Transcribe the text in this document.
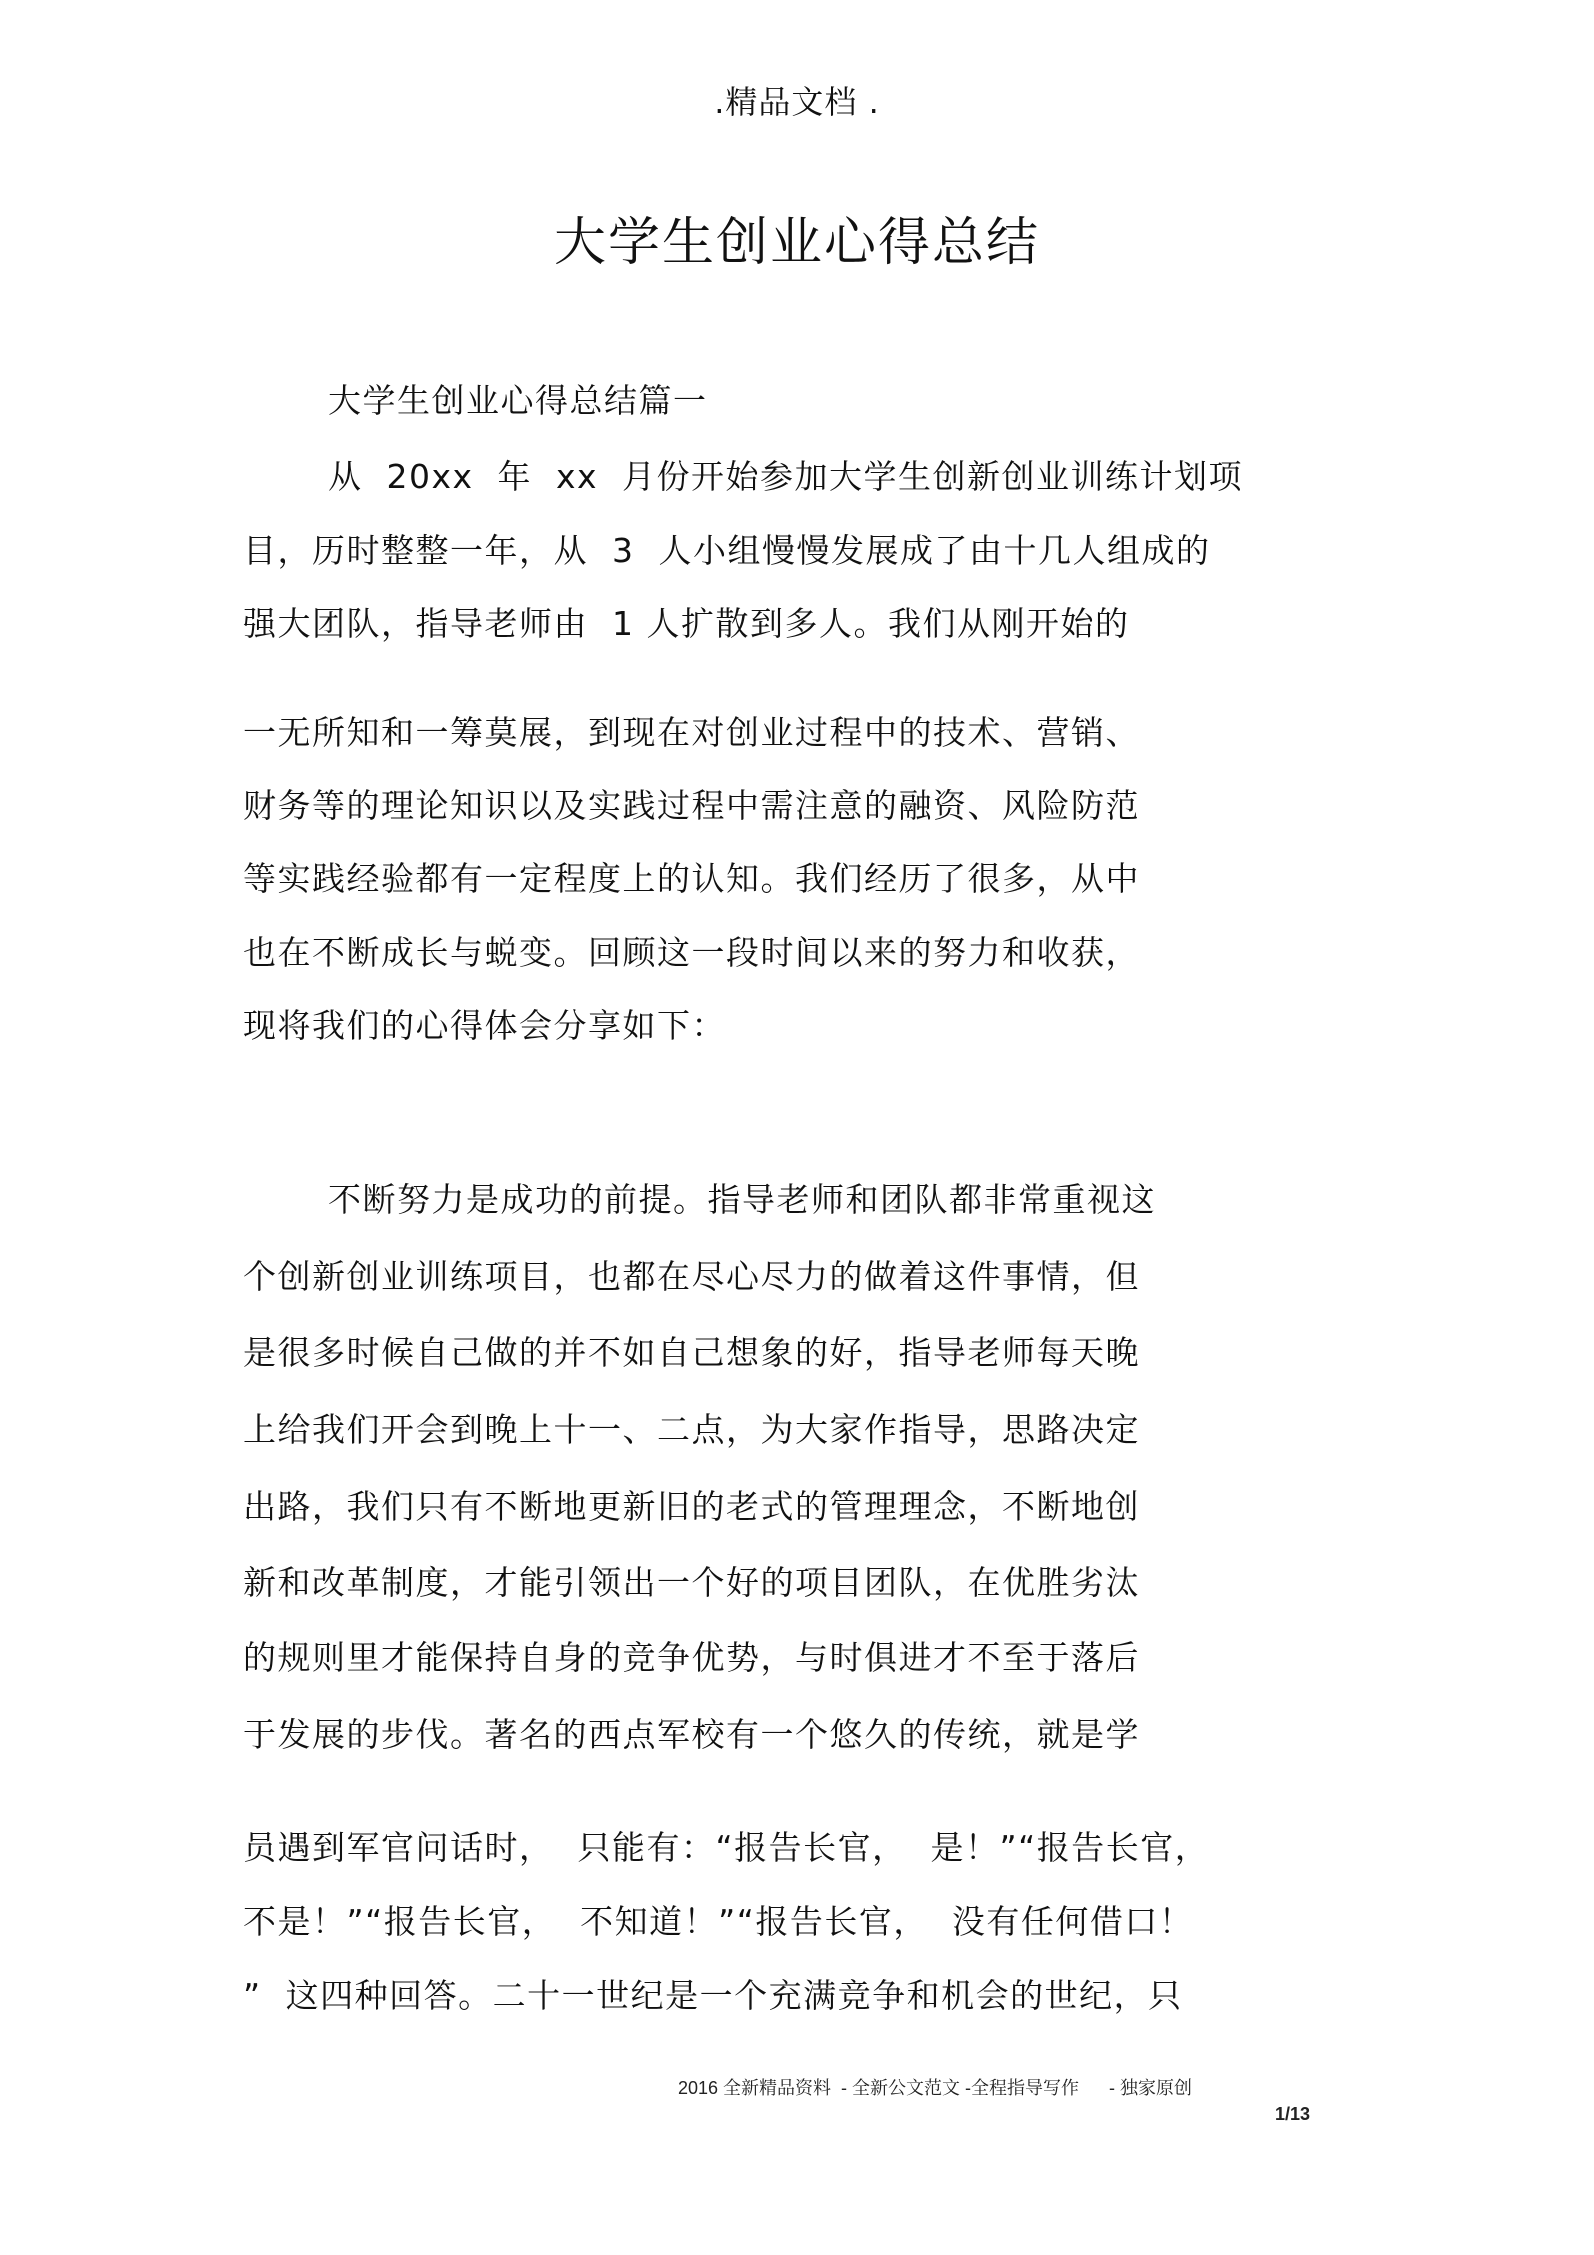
.精品文档 .
大学生创业心得总结
大学生创业心得总结篇一
从  20xx  年  xx  月份开始参加大学生创新创业训练计划项
目，历时整整一年，从  3  人小组慢慢发展成了由十几人组成的
强大团队，指导老师由  1 人扩散到多人。我们从刚开始的
一无所知和一筹莫展，到现在对创业过程中的技术、营销、
财务等的理论知识以及实践过程中需注意的融资、风险防范
等实践经验都有一定程度上的认知。我们经历了很多，从中
也在不断成长与蜕变。回顾这一段时间以来的努力和收获，
现将我们的心得体会分享如下：
不断努力是成功的前提。指导老师和团队都非常重视这
个创新创业训练项目，也都在尽心尽力的做着这件事情，但
是很多时候自己做的并不如自己想象的好，指导老师每天晚
上给我们开会到晚上十一、二点，为大家作指导，思路决定
出路，我们只有不断地更新旧的老式的管理理念，不断地创
新和改革制度，才能引领出一个好的项目团队，在优胜劣汰
的规则里才能保持自身的竞争优势，与时俱进才不至于落后
于发展的步伐。著名的西点军校有一个悠久的传统，就是学
员遇到军官问话时，  只能有：“报告长官，  是！”“报告长官，
不是！”“报告长官，  不知道！”“报告长官，  没有任何借口！
”  这四种回答。二十一世纪是一个充满竞争和机会的世纪，只
2016 全新精品资料  - 全新公文范文 -全程指导写作      - 独家原创
1/13
